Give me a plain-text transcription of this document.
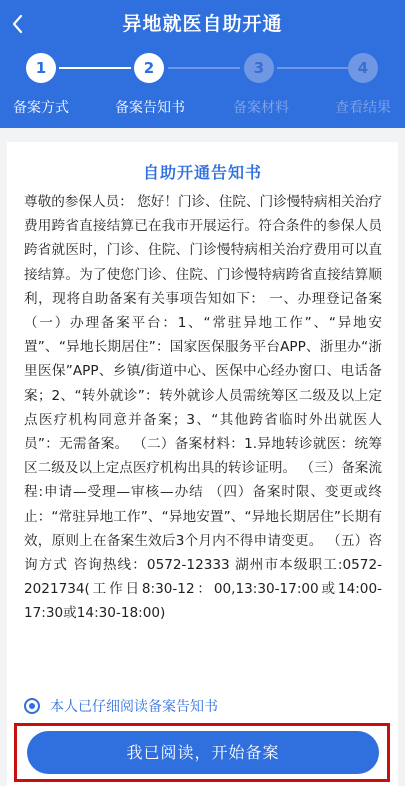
异地就医自助开通
1	2	3	4
备案方式	备案告知书	备案材料	查看结果
自助开通告知书

尊敬的参保人员： 您好！门诊、住院、门诊慢特病相关治疗费用跨省直接结算已在我市开展运行。符合条件的参保人员跨省就医时，门诊、住院、门诊慢特病相关治疗费用可以直接结算。为了使您门诊、住院、门诊慢特病跨省直接结算顺利，现将自助备案有关事项告知如下： 一、办理登记备案（一）办理备案平台：1、“常驻异地工作”、“异地安置”、“异地长期居住”：国家医保服务平台APP、浙里办“浙里医保”APP、乡镇/街道中心、医保中心经办窗口、电话备案；2、“转外就诊”：转外就诊人员需统筹区二级及以上定点医疗机构同意并备案；3、“其他跨省临时外出就医人员”：无需备案。 （二）备案材料：1.异地转诊就医：统筹区二级及以上定点医疗机构出具的转诊证明。 （三）备案流程:申请—受理—审核—办结 （四）备案时限、变更或终止：“常驻异地工作”、“异地安置”、“异地长期居住”长期有效，原则上在备案生效后3个月内不得申请变更。 （五）咨询方式 咨询热线：0572-12333 湖州市本级职工:0572-2021734(工作日8:30-12：00,13:30-17:00或14:00-17:30或14:30-18:00)

本人已仔细阅读备案告知书
我已阅读，开始备案
